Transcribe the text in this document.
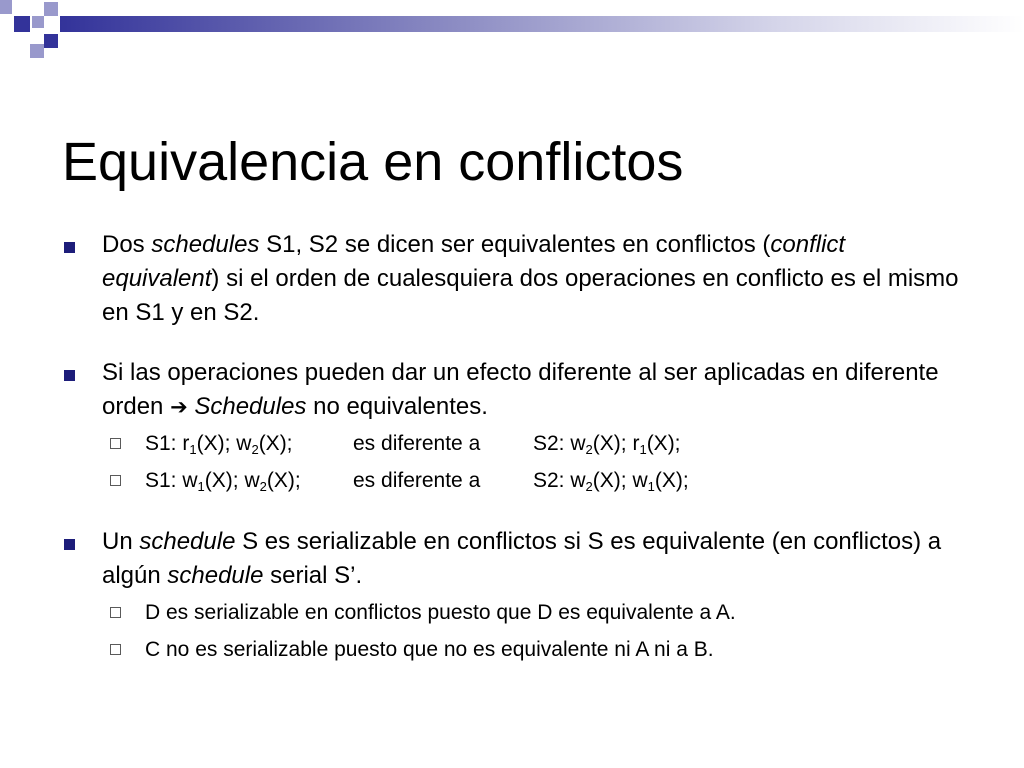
Equivalencia en conflictos
Dos schedules S1, S2 se dicen ser equivalentes en conflictos (conflict equivalent) si el orden de cualesquiera dos operaciones en conflicto es el mismo en S1 y en S2.
Si las operaciones pueden dar un efecto diferente al ser aplicadas en diferente orden ➔ Schedules no equivalentes.
S1: $r_1(X)$; $w_2(X)$;	es diferente a	S2: $w_2(X)$; $r_1(X)$;
S1: $w_1(X)$; $w_2(X)$; es diferente a	S2: $w_2(X)$; $w_1(X)$;
Un schedule S es serializable en conflictos si S es equivalente (en conflictos) a algún schedule serial S’.
D es serializable en conflictos puesto que D es equivalente a A.
C no es serializable puesto que no es equivalente ni A ni a B.
